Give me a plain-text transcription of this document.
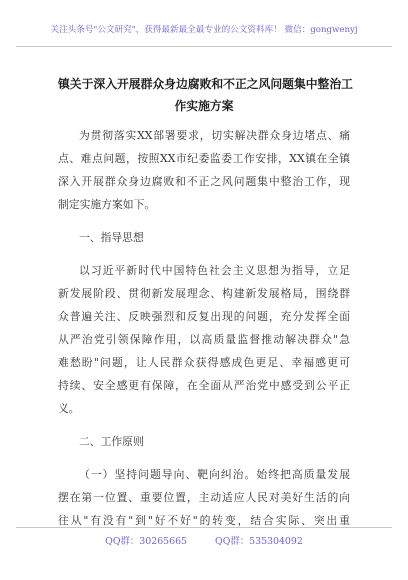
关注头条号"公文研究"，获得最新最全最专业的公文资料库！ 微信：gongwenyj
镇关于深入开展群众身边腐败和不正之风问题集中整治工
作实施方案
为贯彻落实XX部署要求，切实解决群众身边堵点、痛
点、难点问题，按照XX市纪委监委工作安排，XX镇在全镇
深入开展群众身边腐败和不正之风问题集中整治工作，现
制定实施方案如下。
一、指导思想
以习近平新时代中国特色社会主义思想为指导，立足
新发展阶段、贯彻新发展理念、构建新发展格局，围绕群
众普遍关注、反映强烈和反复出现的问题，充分发挥全面
从严治党引领保障作用，以高质量监督推动解决群众"急
难愁盼"问题，让人民群众获得感成色更足、幸福感更可
持续、安全感更有保障，在全面从严治党中感受到公平正
义。
二、工作原则
（一）坚持问题导向、靶向纠治。始终把高质量发展
摆在第一位置、重要位置，主动适应人民对美好生活的向
往从"有没有"到"好不好"的转变，结合实际、突出重
QQ群：30265665	QQ群：535304092
